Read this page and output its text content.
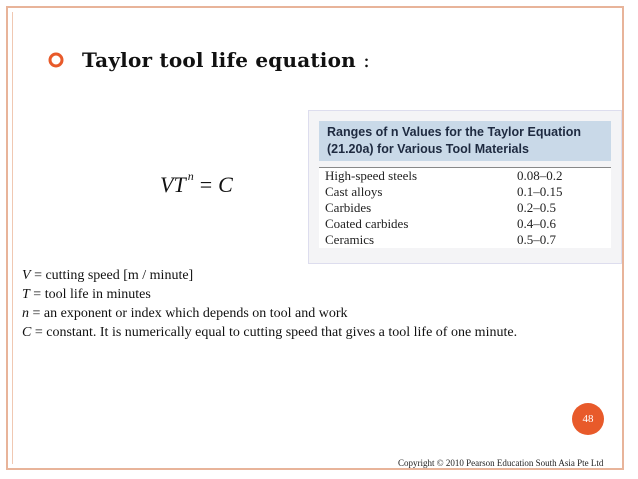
Taylor tool life equation :
VT $^n$ = C
Ranges of n Values for the Taylor Equation
(21.20a) for Various Tool Materials
High-speed steels	0.08–0.2
Cast alloys	0.1–0.15
Carbides	0.2–0.5
Coated carbides	0.4–0.6
Ceramics	0.5–0.7
V = cutting speed [m / minute]
T = tool life in minutes
n = an exponent or index which depends on tool and work
C = constant. It is numerically equal to cutting speed that gives a tool life of one minute.
48
Copyright © 2010 Pearson Education South Asia Pte Ltd
